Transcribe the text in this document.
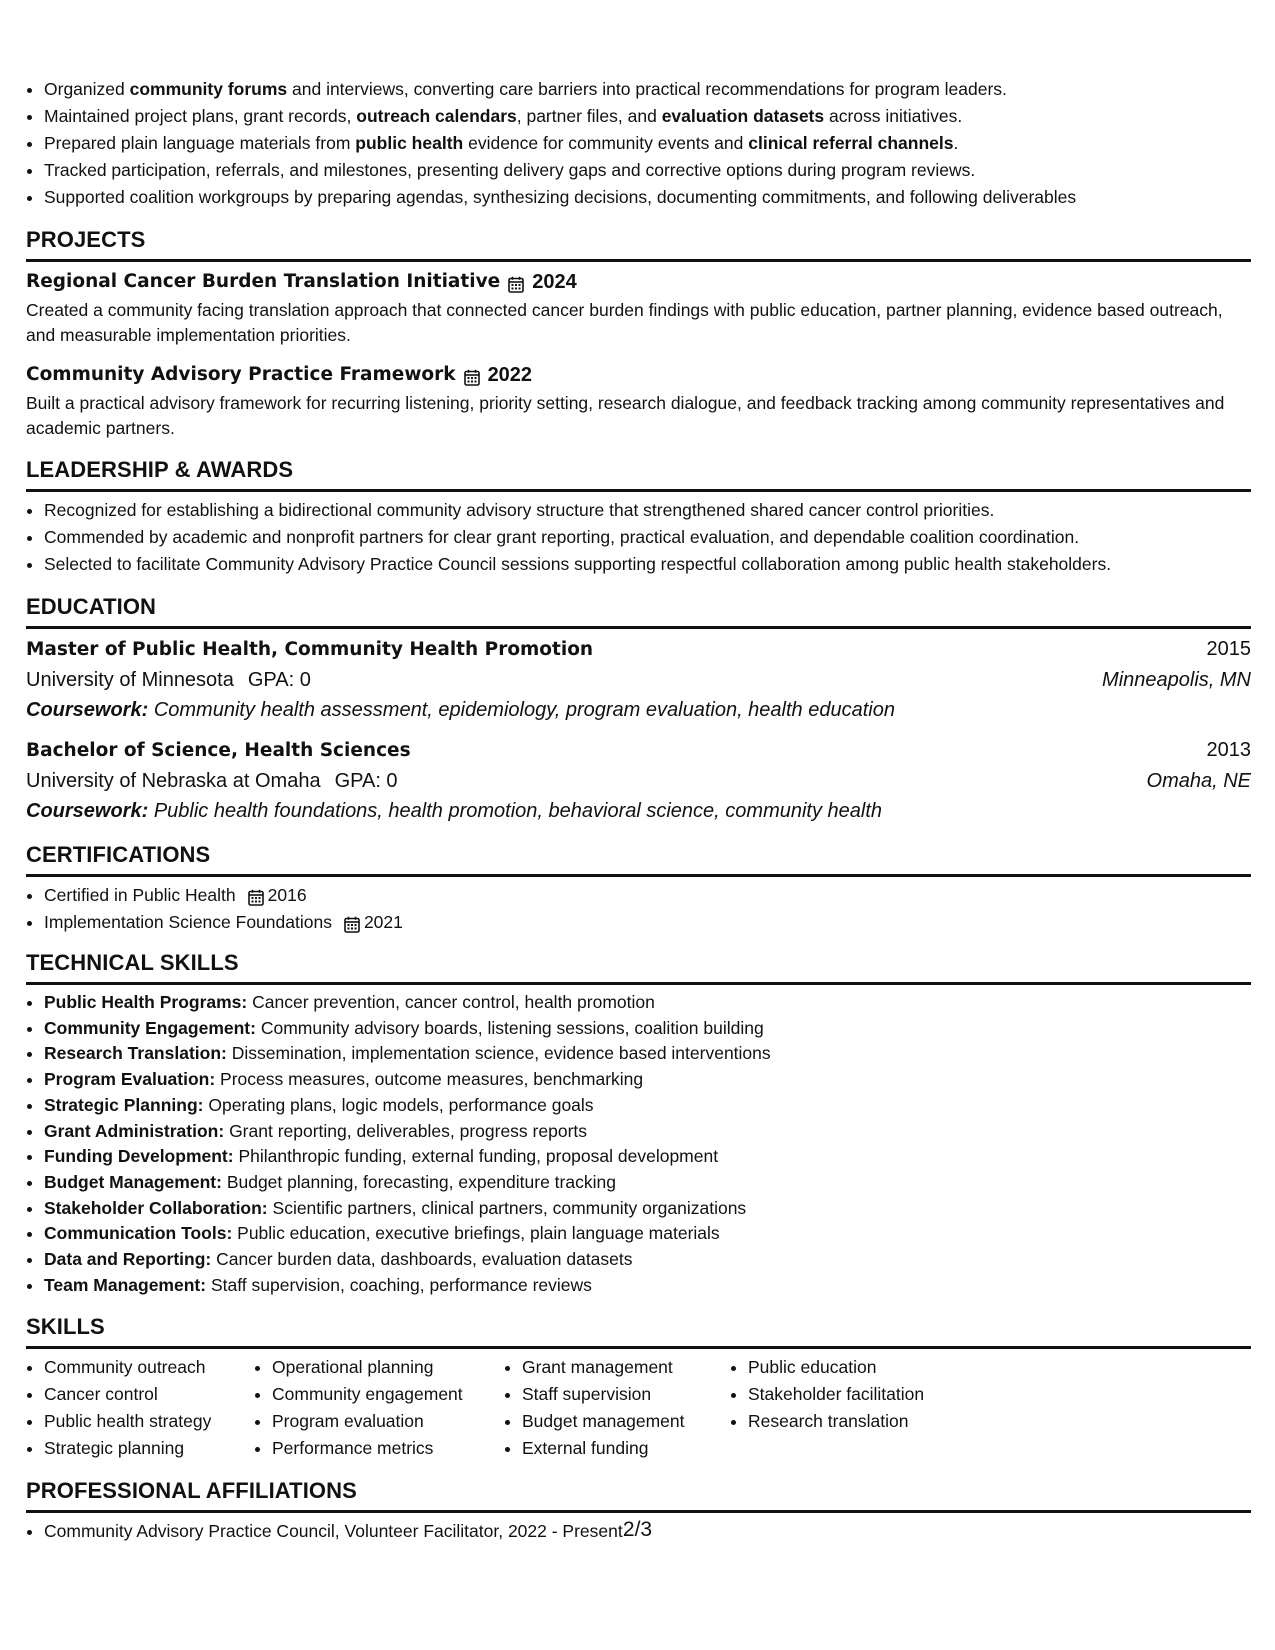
• Organized community forums and interviews, converting care barriers into practical recommendations for program leaders.
• Maintained project plans, grant records, outreach calendars, partner files, and evaluation datasets across initiatives.
• Prepared plain language materials from public health evidence for community events and clinical referral channels.
• Tracked participation, referrals, and milestones, presenting delivery gaps and corrective options during program reviews.
• Supported coalition workgroups by preparing agendas, synthesizing decisions, documenting commitments, and following deliverables
PROJECTS
Regional Cancer Burden Translation Initiative 2024
Created a community facing translation approach that connected cancer burden findings with public education, partner planning, evidence based outreach, and measurable implementation priorities.
Community Advisory Practice Framework 2022
Built a practical advisory framework for recurring listening, priority setting, research dialogue, and feedback tracking among community representatives and academic partners.
LEADERSHIP & AWARDS
• Recognized for establishing a bidirectional community advisory structure that strengthened shared cancer control priorities.
• Commended by academic and nonprofit partners for clear grant reporting, practical evaluation, and dependable coalition coordination.
• Selected to facilitate Community Advisory Practice Council sessions supporting respectful collaboration among public health stakeholders.
EDUCATION
Master of Public Health, Community Health Promotion	2015
University of Minnesota GPA: 0	Minneapolis, MN
Coursework: Community health assessment, epidemiology, program evaluation, health education
Bachelor of Science, Health Sciences	2013
University of Nebraska at Omaha GPA: 0	Omaha, NE
Coursework: Public health foundations, health promotion, behavioral science, community health
CERTIFICATIONS
• Certified in Public Health 2016
• Implementation Science Foundations 2021
TECHNICAL SKILLS
• Public Health Programs: Cancer prevention, cancer control, health promotion
• Community Engagement: Community advisory boards, listening sessions, coalition building
• Research Translation: Dissemination, implementation science, evidence based interventions
• Program Evaluation: Process measures, outcome measures, benchmarking
• Strategic Planning: Operating plans, logic models, performance goals
• Grant Administration: Grant reporting, deliverables, progress reports
• Funding Development: Philanthropic funding, external funding, proposal development
• Budget Management: Budget planning, forecasting, expenditure tracking
• Stakeholder Collaboration: Scientific partners, clinical partners, community organizations
• Communication Tools: Public education, executive briefings, plain language materials
• Data and Reporting: Cancer burden data, dashboards, evaluation datasets
• Team Management: Staff supervision, coaching, performance reviews
SKILLS
• Community outreach
• Cancer control
• Public health strategy
• Strategic planning
• Operational planning
• Community engagement
• Program evaluation
• Performance metrics
• Grant management
• Staff supervision
• Budget management
• External funding
• Public education
• Stakeholder facilitation
• Research translation
PROFESSIONAL AFFILIATIONS
• Community Advisory Practice Council, Volunteer Facilitator, 2022 - Present 2/3
